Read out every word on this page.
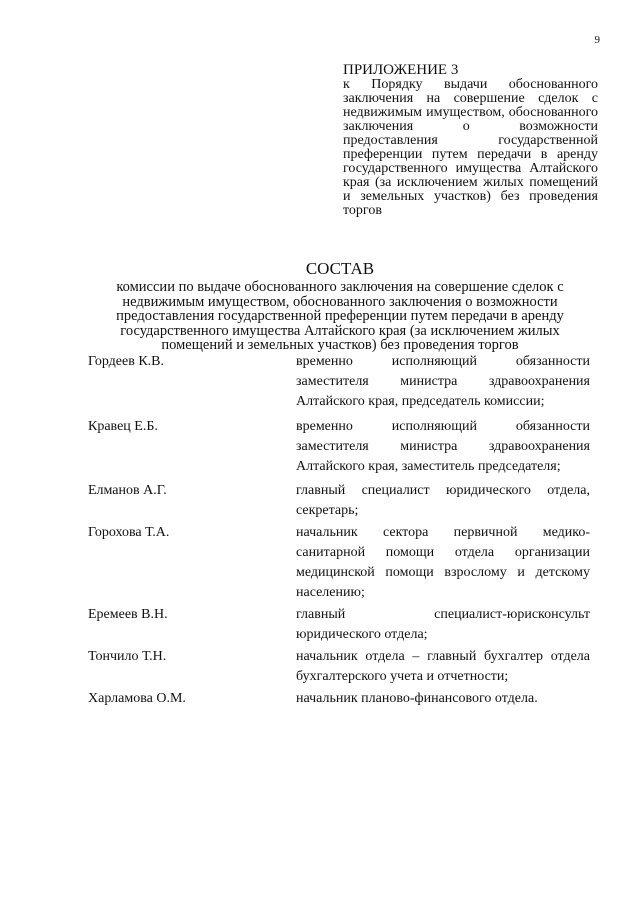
9
ПРИЛОЖЕНИЕ 3

к Порядку выдачи обоснованного заключения на совершение сделок с недвижимым имуществом, обоснованного заключения о возможности предоставления государственной преференции путем передачи в аренду государственного имущества Алтайского края (за исключением жилых помещений и земельных участков) без проведения торгов

СОСТАВ

комиссии по выдаче обоснованного заключения на совершение сделок с недвижимым имуществом, обоснованного заключения о возможности предоставления государственной преференции путем передачи в аренду государственного имущества Алтайского края (за исключением жилых помещений и земельных участков) без проведения торгов

Гордеев К.В.	временно исполняющий обязанности заместителя министра здравоохранения Алтайского края, председатель комиссии;
Кравец Е.Б.	временно исполняющий обязанности заместителя министра здравоохранения Алтайского края, заместитель председателя;
Елманов А.Г.	главный специалист юридического отдела, секретарь;
Горохова Т.А.	начальник сектора первичной медико-санитарной помощи отдела организации медицинской помощи взрослому и детскому населению;
Еремеев В.Н.	главный специалист-юрисконсульт юридического отдела;
Тончило Т.Н.	начальник отдела – главный бухгалтер отдела бухгалтерского учета и отчетности;
Харламова О.М.	начальник планово-финансового отдела.
